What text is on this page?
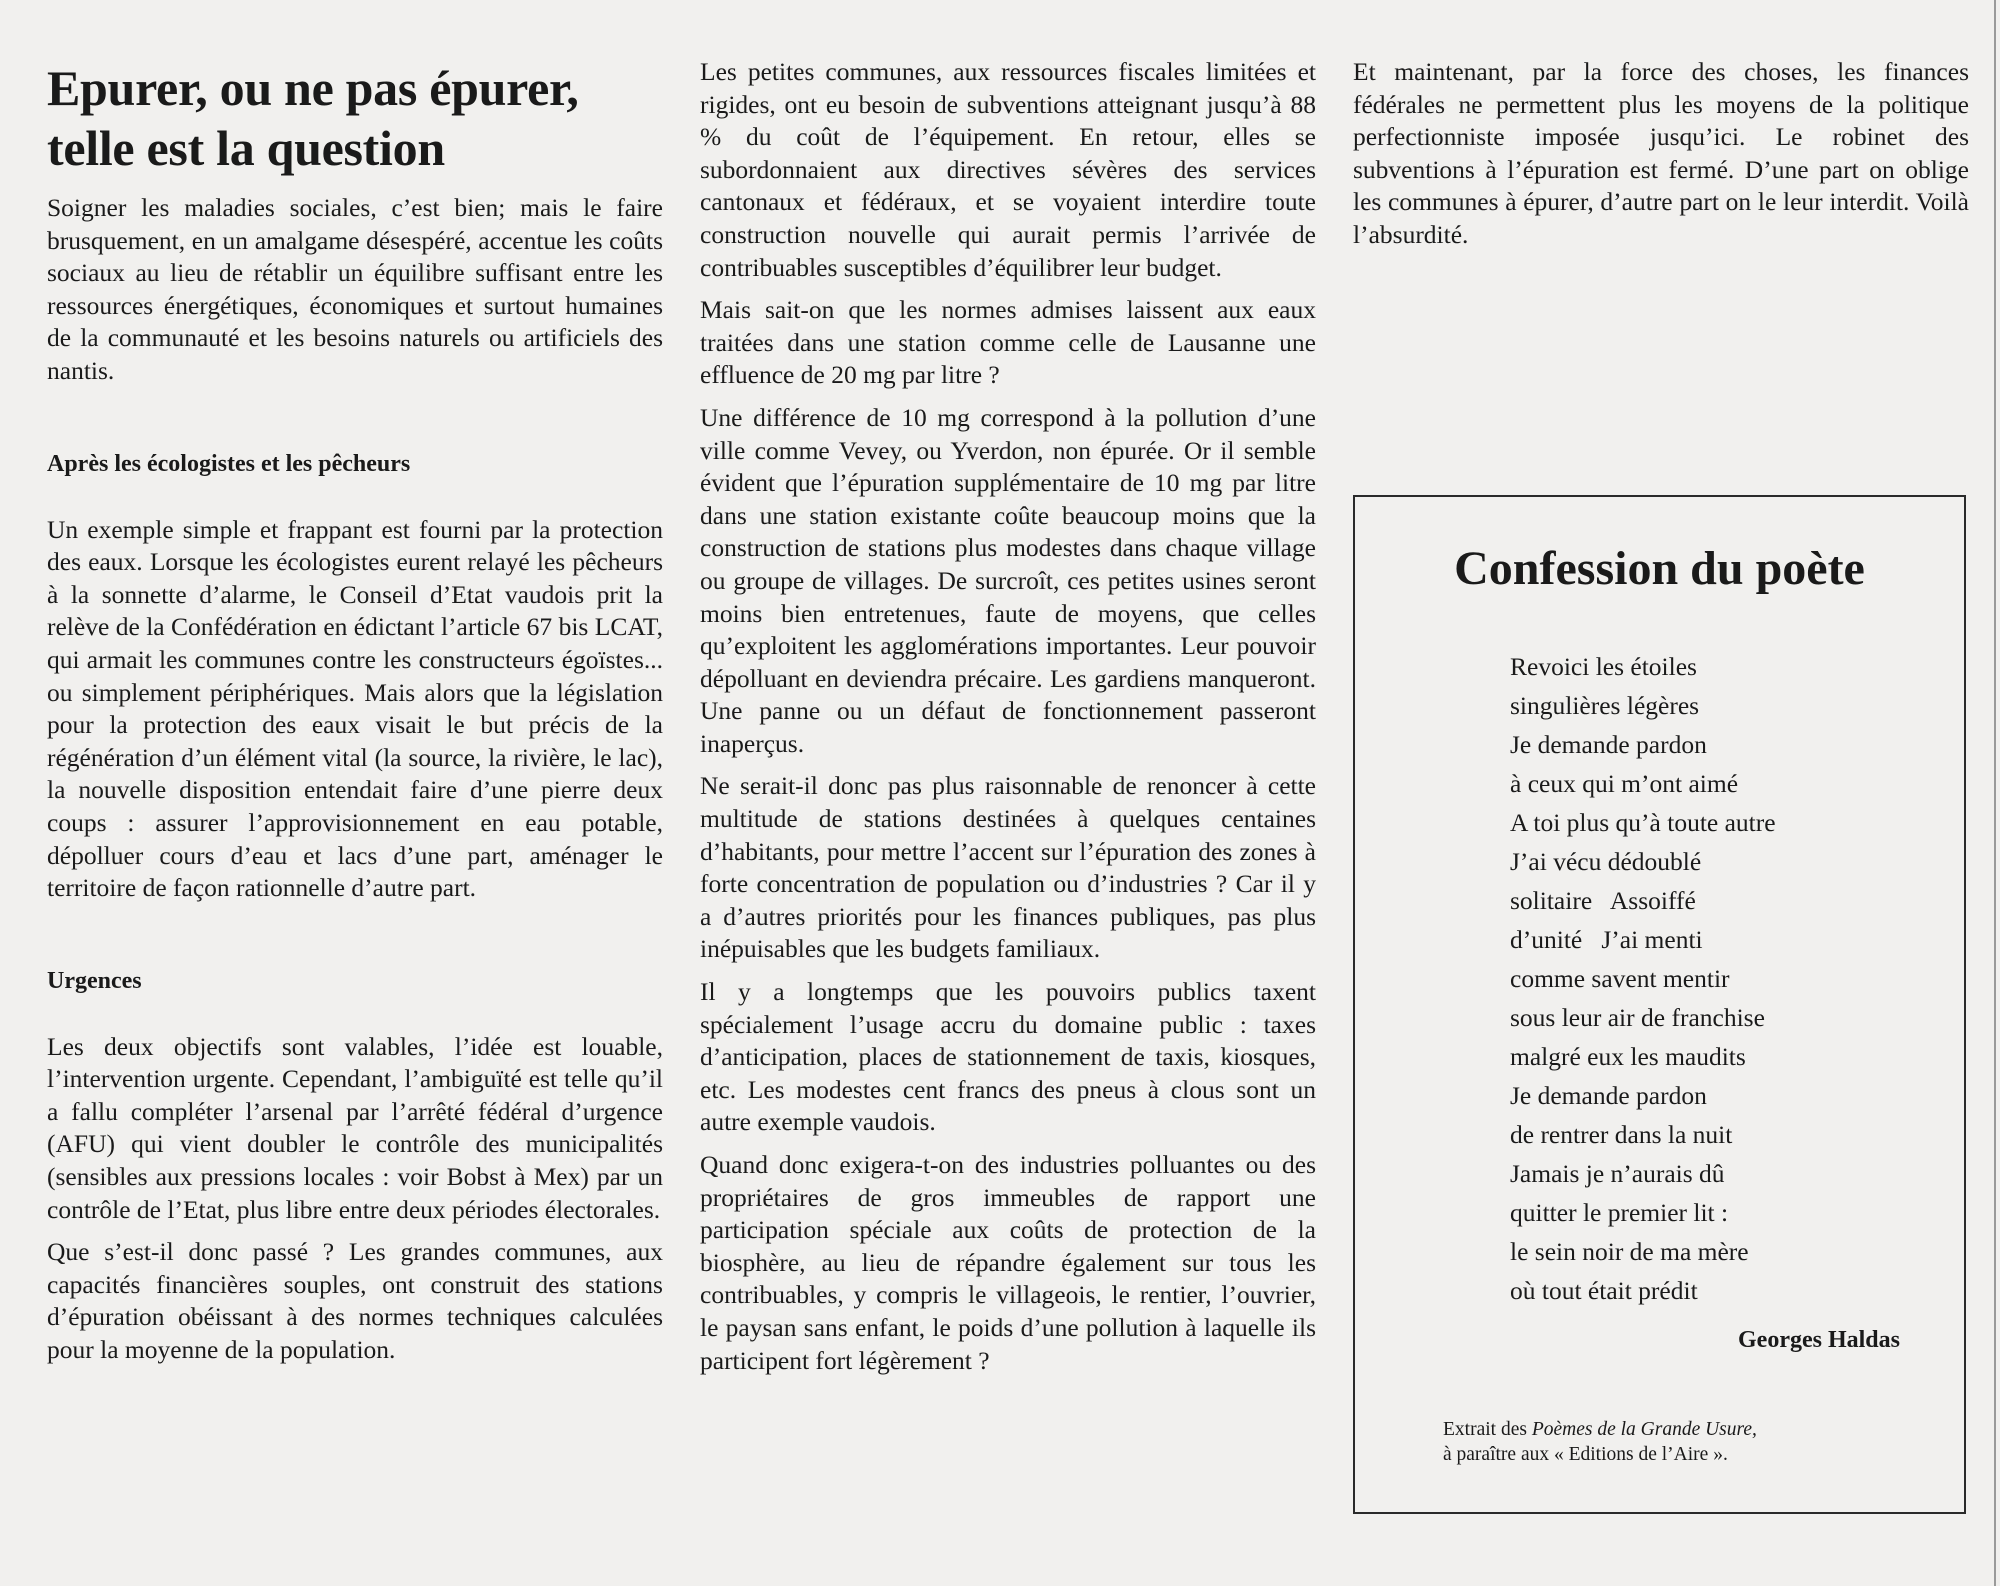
Epurer, ou ne pas épurer,
telle est la question

Soigner les maladies sociales, c’est bien; mais le faire brusquement, en un amalgame désespéré, accentue les coûts sociaux au lieu de rétablir un équilibre suffisant entre les ressources énergétiques, économiques et surtout humaines de la communauté et les besoins naturels ou artificiels des nantis.

Après les écologistes et les pêcheurs

Un exemple simple et frappant est fourni par la protection des eaux. Lorsque les écologistes eurent relayé les pêcheurs à la sonnette d’alarme, le Conseil d’Etat vaudois prit la relève de la Confédération en édictant l’article 67 bis LCAT, qui armait les communes contre les constructeurs égoïstes... ou simplement périphériques. Mais alors que la législation pour la protection des eaux visait le but précis de la régénération d’un élément vital (la source, la rivière, le lac), la nouvelle disposition entendait faire d’une pierre deux coups : assurer l’approvisionnement en eau potable, dépolluer cours d’eau et lacs d’une part, aménager le territoire de façon rationnelle d’autre part.

Urgences

Les deux objectifs sont valables, l’idée est louable, l’intervention urgente. Cependant, l’ambiguïté est telle qu’il a fallu compléter l’arsenal par l’arrêté fédéral d’urgence (AFU) qui vient doubler le contrôle des municipalités (sensibles aux pressions locales : voir Bobst à Mex) par un contrôle de l’Etat, plus libre entre deux périodes électorales.

Que s’est-il donc passé ? Les grandes communes, aux capacités financières souples, ont construit des stations d’épuration obéissant à des normes techniques calculées pour la moyenne de la population.

Les petites communes, aux ressources fiscales limitées et rigides, ont eu besoin de subventions atteignant jusqu’à 88 % du coût de l’équipement. En retour, elles se subordonnaient aux directives sévères des services cantonaux et fédéraux, et se voyaient interdire toute construction nouvelle qui aurait permis l’arrivée de contribuables susceptibles d’équilibrer leur budget.

Mais sait-on que les normes admises laissent aux eaux traitées dans une station comme celle de Lausanne une effluence de 20 mg par litre ?

Une différence de 10 mg correspond à la pollution d’une ville comme Vevey, ou Yverdon, non épurée. Or il semble évident que l’épuration supplémentaire de 10 mg par litre dans une station existante coûte beaucoup moins que la construction de stations plus modestes dans chaque village ou groupe de villages. De surcroît, ces petites usines seront moins bien entretenues, faute de moyens, que celles qu’exploitent les agglomérations importantes. Leur pouvoir dépolluant en deviendra précaire. Les gardiens manqueront. Une panne ou un défaut de fonctionnement passeront inaperçus.

Ne serait-il donc pas plus raisonnable de renoncer à cette multitude de stations destinées à quelques centaines d’habitants, pour mettre l’accent sur l’épuration des zones à forte concentration de population ou d’industries ? Car il y a d’autres priorités pour les finances publiques, pas plus inépuisables que les budgets familiaux.

Il y a longtemps que les pouvoirs publics taxent spécialement l’usage accru du domaine public : taxes d’anticipation, places de stationnement de taxis, kiosques, etc. Les modestes cent francs des pneus à clous sont un autre exemple vaudois.

Quand donc exigera-t-on des industries polluantes ou des propriétaires de gros immeubles de rapport une participation spéciale aux coûts de protection de la biosphère, au lieu de répandre également sur tous les contribuables, y compris le villageois, le rentier, l’ouvrier, le paysan sans enfant, le poids d’une pollution à laquelle ils participent fort légèrement ?

Et maintenant, par la force des choses, les finances fédérales ne permettent plus les moyens de la politique perfectionniste imposée jusqu’ici. Le robinet des subventions à l’épuration est fermé. D’une part on oblige les communes à épurer, d’autre part on le leur interdit. Voilà l’absurdité.

Confession du poète
Revoici les étoiles
singulières légères
Je demande pardon
à ceux qui m’ont aimé
A toi plus qu’à toute autre
J’ai vécu dédoublé
solitaire   Assoiffé
d’unité   J’ai menti
comme savent mentir
sous leur air de franchise
malgré eux les maudits
Je demande pardon
de rentrer dans la nuit
Jamais je n’aurais dû
quitter le premier lit :
le sein noir de ma mère
où tout était prédit
Georges Haldas
Extrait des Poèmes de la Grande Usure,
à paraître aux « Editions de l’Aire ».
